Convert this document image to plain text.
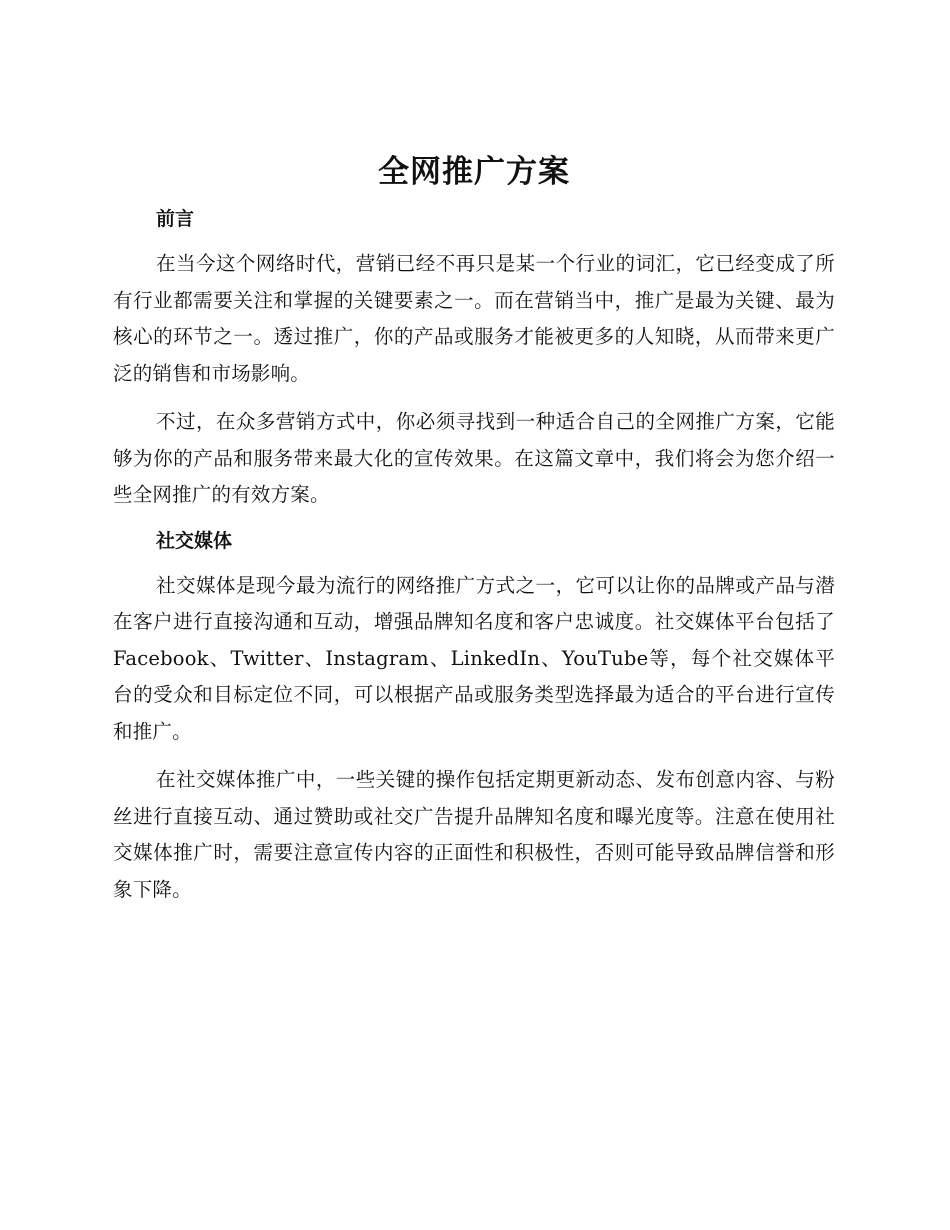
全网推广方案
前言

在当今这个网络时代，营销已经不再只是某一个行业的词汇，它已经变成了所有行业都需要关注和掌握的关键要素之一。而在营销当中，推广是最为关键、最为核心的环节之一。透过推广，你的产品或服务才能被更多的人知晓，从而带来更广泛的销售和市场影响。

不过，在众多营销方式中，你必须寻找到一种适合自己的全网推广方案，它能够为你的产品和服务带来最大化的宣传效果。在这篇文章中，我们将会为您介绍一些全网推广的有效方案。

社交媒体

社交媒体是现今最为流行的网络推广方式之一，它可以让你的品牌或产品与潜在客户进行直接沟通和互动，增强品牌知名度和客户忠诚度。社交媒体平台包括了Facebook、Twitter、Instagram、LinkedIn、YouTube等，每个社交媒体平台的受众和目标定位不同，可以根据产品或服务类型选择最为适合的平台进行宣传和推广。

在社交媒体推广中，一些关键的操作包括定期更新动态、发布创意内容、与粉丝进行直接互动、通过赞助或社交广告提升品牌知名度和曝光度等。注意在使用社交媒体推广时，需要注意宣传内容的正面性和积极性，否则可能导致品牌信誉和形象下降。
